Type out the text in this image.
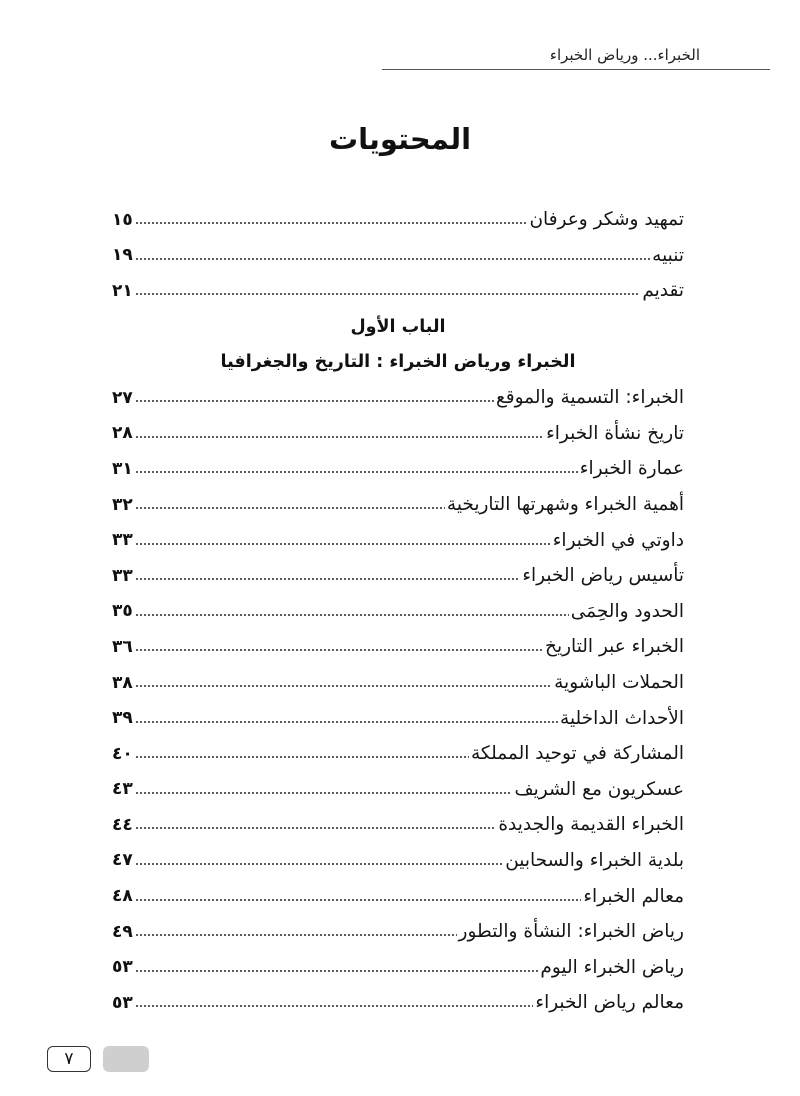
الخبراء... ورياض الخبراء
المحتويات
تمهيد وشكر وعرفان
١٥
تنبيه
١٩
تقديم
٢١
الباب الأول
الخبراء ورياض الخبراء : التاريخ والجغرافيا
الخبراء: التسمية والموقع
٢٧
تاريخ نشأة الخبراء
٢٨
عمارة الخبراء
٣١
أهمية الخبراء وشهرتها التاريخية
٣٢
داوتي في الخبراء
٣٣
تأسيس رياض الخبراء
٣٣
الحدود والحِمَى
٣٥
الخبراء عبر التاريخ
٣٦
الحملات الباشوية
٣٨
الأحداث الداخلية
٣٩
المشاركة في توحيد المملكة
٤٠
عسكريون مع الشريف
٤٣
الخبراء القديمة والجديدة
٤٤
بلدية الخبراء والسحابين
٤٧
معالم الخبراء
٤٨
رياض الخبراء: النشأة والتطور
٤٩
رياض الخبراء اليوم
٥٣
معالم رياض الخبراء
٥٣
٧
